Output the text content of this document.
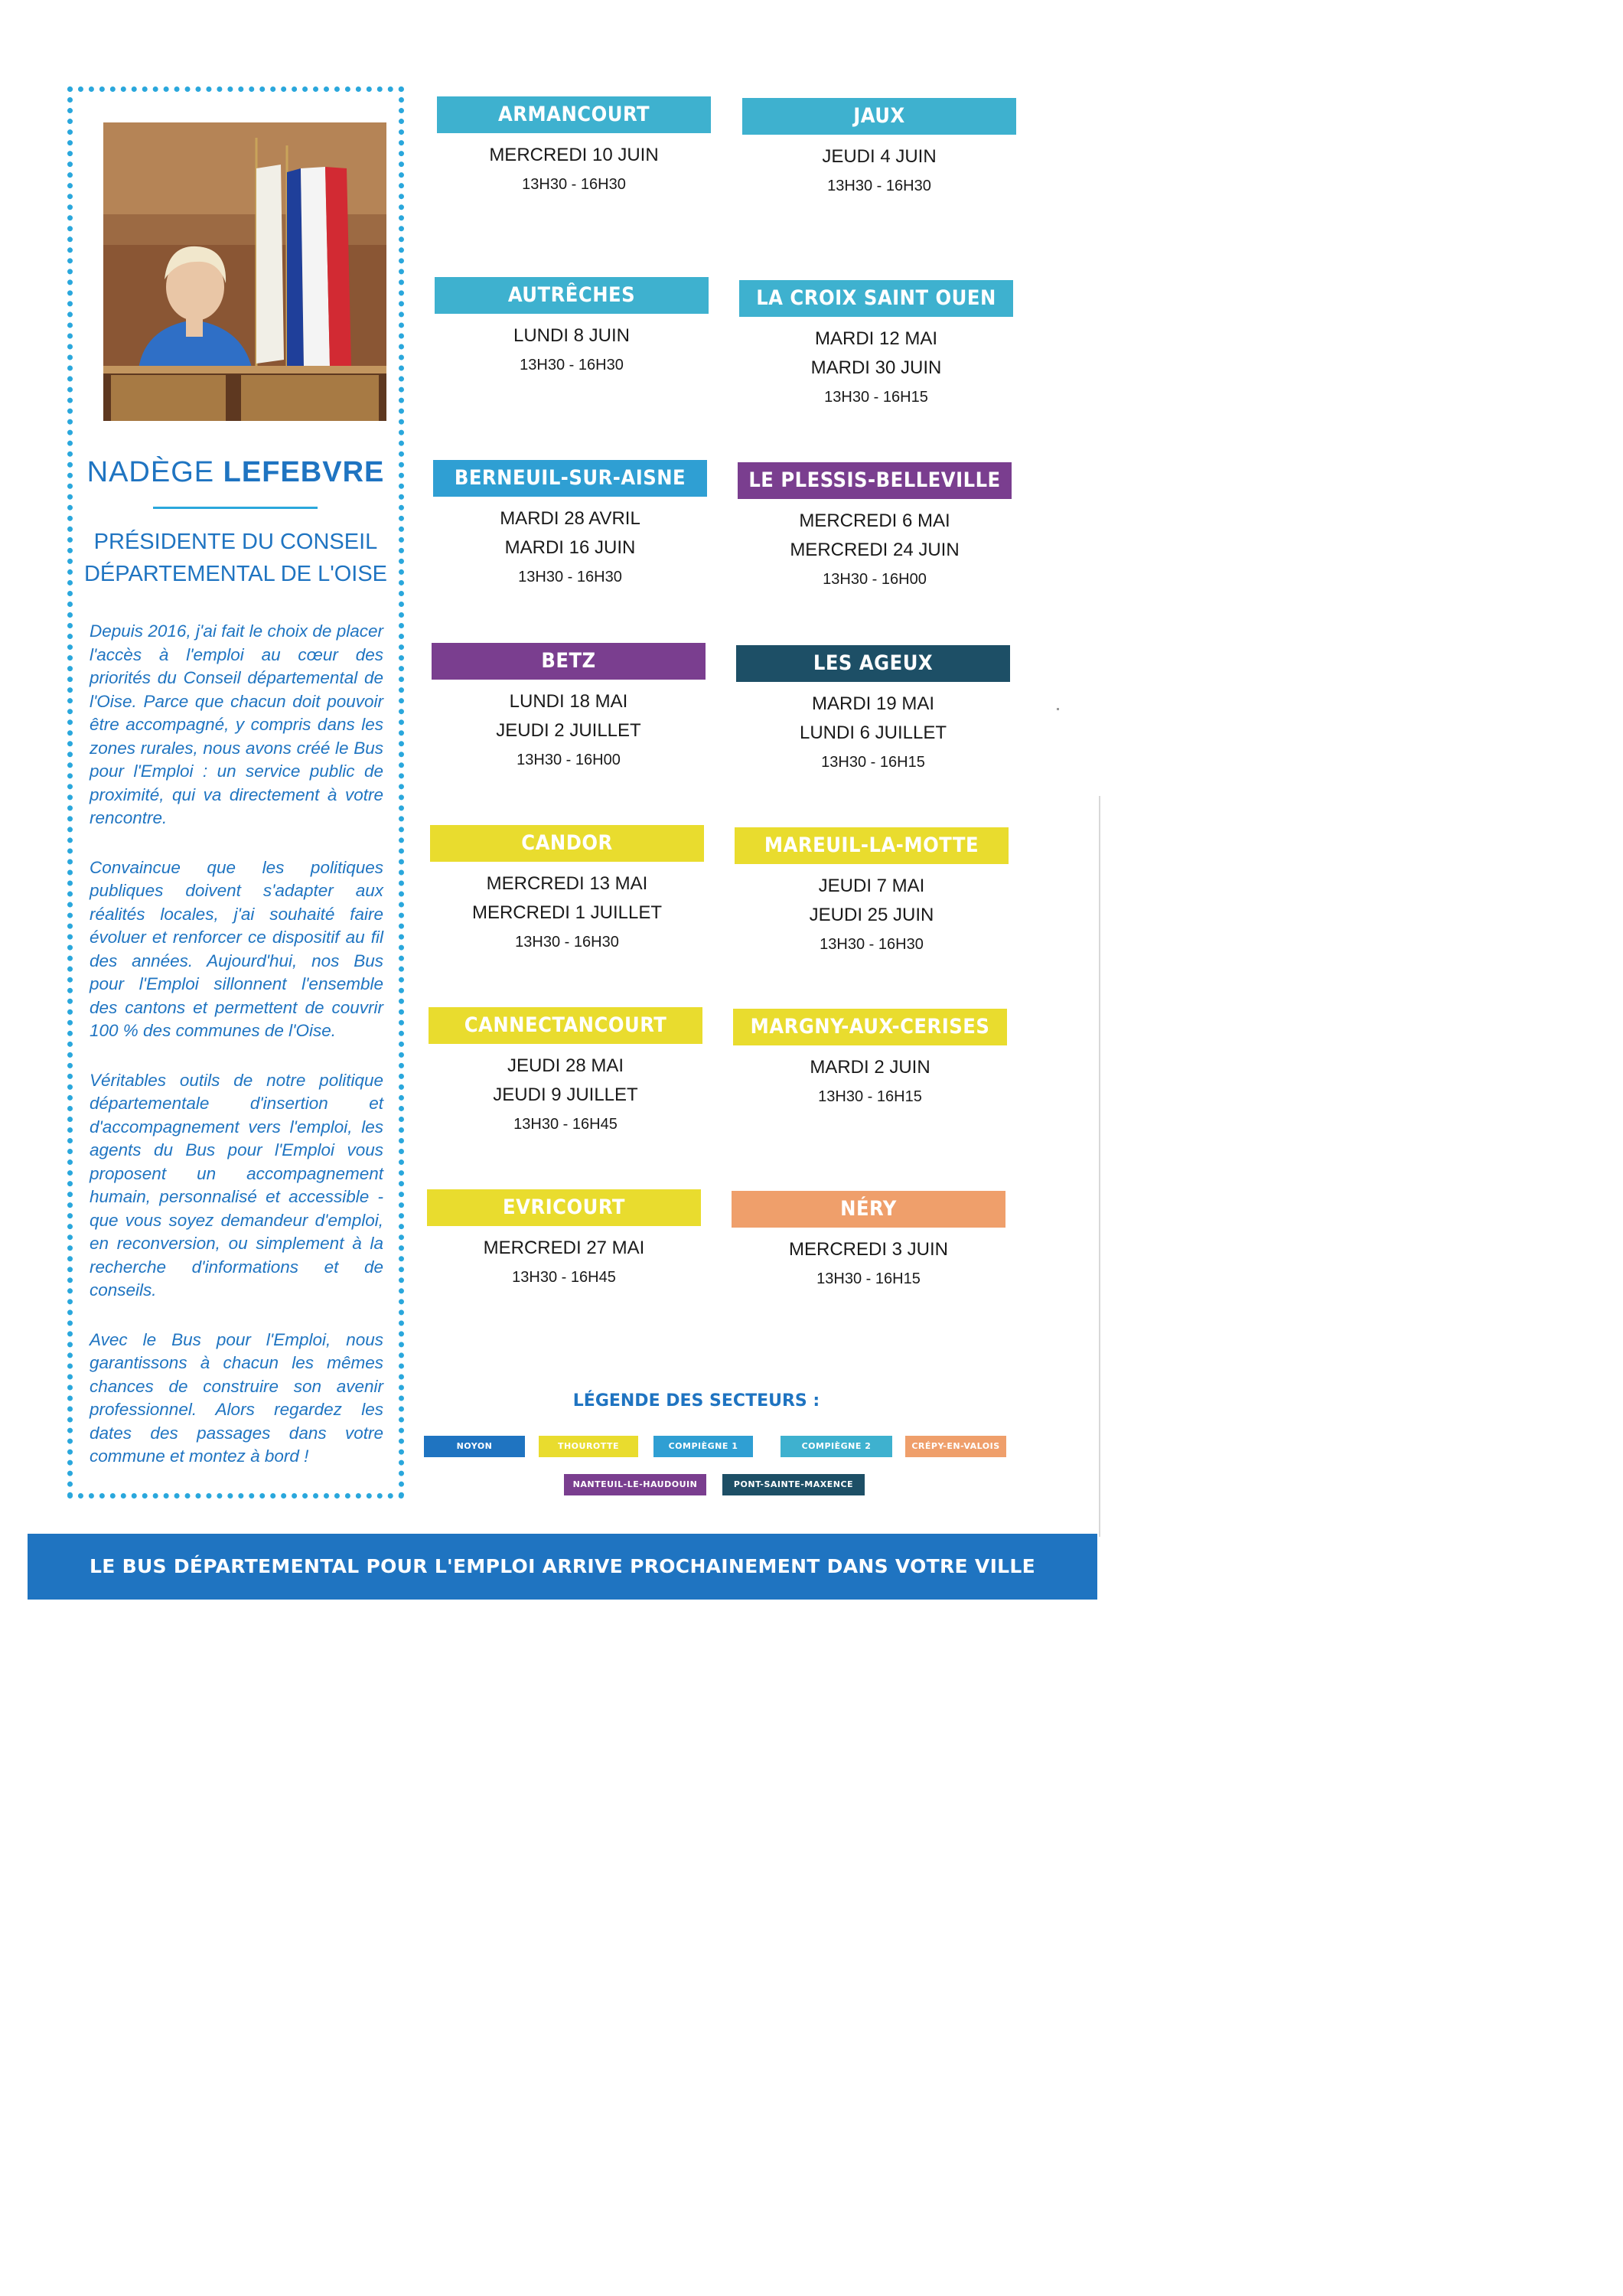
NADÈGE LEFEBVRE
PRÉSIDENTE DU CONSEIL
DÉPARTEMENTAL DE L'OISE

Depuis 2016, j'ai fait le choix de placer l'accès à l'emploi au cœur des priorités du Conseil départemental de l'Oise. Parce que chacun doit pouvoir être accompagné, y compris dans les zones rurales, nous avons créé le Bus pour l'Emploi : un service public de proximité, qui va directement à votre rencontre.

Convaincue que les politiques publiques doivent s'adapter aux réalités locales, j'ai souhaité faire évoluer et renforcer ce dispositif au fil des années. Aujourd'hui, nos Bus pour l'Emploi sillonnent l'ensemble des cantons et permettent de couvrir 100 % des communes de l'Oise.

Véritables outils de notre politique départementale d'insertion et d'accompagnement vers l'emploi, les agents du Bus pour l'Emploi vous proposent un accompagnement humain, personnalisé et accessible - que vous soyez demandeur d'emploi, en reconversion, ou simplement à la recherche d'informations et de conseils.

Avec le Bus pour l'Emploi, nous garantissons à chacun les mêmes chances de construire son avenir professionnel. Alors regardez les dates des passages dans votre commune et montez à bord !

ARMANCOURT
MERCREDI 10 JUIN
13H30 - 16H30
JAUX
JEUDI 4 JUIN
13H30 - 16H30
AUTRÊCHES
LUNDI 8 JUIN
13H30 - 16H30
LA CROIX SAINT OUEN
MARDI 12 MAI
MARDI 30 JUIN
13H30 - 16H15
BERNEUIL-SUR-AISNE
MARDI 28 AVRIL
MARDI 16 JUIN
13H30 - 16H30
LE PLESSIS-BELLEVILLE
MERCREDI 6 MAI
MERCREDI 24 JUIN
13H30 - 16H00
BETZ
LUNDI 18 MAI
JEUDI 2 JUILLET
13H30 - 16H00
LES AGEUX
MARDI 19 MAI
LUNDI 6 JUILLET
13H30 - 16H15
CANDOR
MERCREDI 13 MAI
MERCREDI 1 JUILLET
13H30 - 16H30
MAREUIL-LA-MOTTE
JEUDI 7 MAI
JEUDI 25 JUIN
13H30 - 16H30
CANNECTANCOURT
JEUDI 28 MAI
JEUDI 9 JUILLET
13H30 - 16H45
MARGNY-AUX-CERISES
MARDI 2 JUIN
13H30 - 16H15
EVRICOURT
MERCREDI 27 MAI
13H30 - 16H45
NÉRY
MERCREDI 3 JUIN
13H30 - 16H15
LÉGENDE DES SECTEURS :
NOYON	THOUROTTE	COMPIÈGNE 1	COMPIÈGNE 2	CRÉPY-EN-VALOIS
NANTEUIL-LE-HAUDOUIN	PONT-SAINTE-MAXENCE
LE BUS DÉPARTEMENTAL POUR L'EMPLOI ARRIVE PROCHAINEMENT DANS VOTRE VILLE
